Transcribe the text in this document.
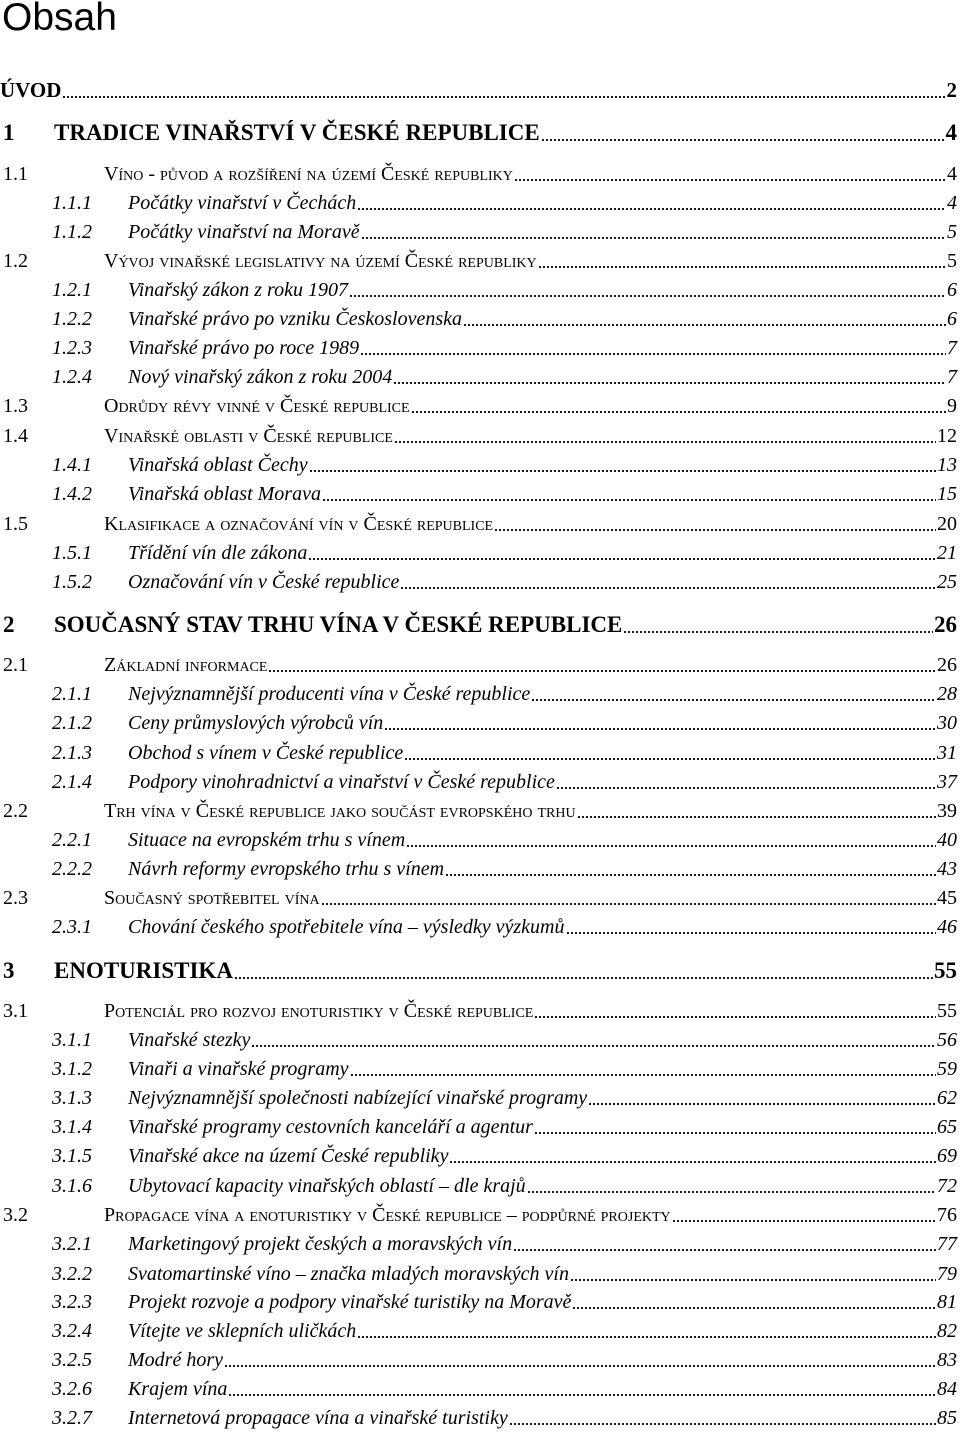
Obsah
ÚVOD	2
1	TRADICE VINAŘSTVÍ V ČESKÉ REPUBLICE	4
1.1	Víno - původ a rozšíření na území České republiky	4
1.1.1	Počátky vinařství v Čechách	4
1.1.2	Počátky vinařství na Moravě	5
1.2	Vývoj vinařské legislativy na území České republiky	5
1.2.1	Vinařský zákon z roku 1907	6
1.2.2	Vinařské právo po vzniku Československa	6
1.2.3	Vinařské právo po roce 1989	7
1.2.4	Nový vinařský zákon z roku 2004	7
1.3	Odrůdy révy vinné v České republice	9
1.4	Vinařské oblasti v České republice	12
1.4.1	Vinařská oblast Čechy	13
1.4.2	Vinařská oblast Morava	15
1.5	Klasifikace a označování vín v České republice	20
1.5.1	Třídění vín dle zákona	21
1.5.2	Označování vín v České republice	25
2	SOUČASNÝ STAV TRHU VÍNA V ČESKÉ REPUBLICE	26
2.1	Základní informace	26
2.1.1	Nejvýznamnější producenti vína v České republice	28
2.1.2	Ceny průmyslových výrobců vín	30
2.1.3	Obchod s vínem v České republice	31
2.1.4	Podpory vinohradnictví a vinařství v České republice	37
2.2	Trh vína v České republice jako součást evropského trhu	39
2.2.1	Situace na evropském trhu s vínem	40
2.2.2	Návrh reformy evropského trhu s vínem	43
2.3	Současný spotřebitel vína	45
2.3.1	Chování českého spotřebitele vína – výsledky výzkumů	46
3	ENOTURISTIKA	55
3.1	Potenciál pro rozvoj enoturistiky v České republice	55
3.1.1	Vinařské stezky	56
3.1.2	Vinaři a vinařské programy	59
3.1.3	Nejvýznamnější společnosti nabízející vinařské programy	62
3.1.4	Vinařské programy cestovních kanceláří a agentur	65
3.1.5	Vinařské akce na území České republiky	69
3.1.6	Ubytovací kapacity vinařských oblastí – dle krajů	72
3.2	Propagace vína a enoturistiky v České republice – podpůrné projekty	76
3.2.1	Marketingový projekt českých a moravských vín	77
3.2.2	Svatomartinské víno – značka mladých moravských vín	79
3.2.3	Projekt rozvoje a podpory vinařské turistiky na Moravě	81
3.2.4	Vítejte ve sklepních uličkách	82
3.2.5	Modré hory	83
3.2.6	Krajem vína	84
3.2.7	Internetová propagace vína a vinařské turistiky	85
